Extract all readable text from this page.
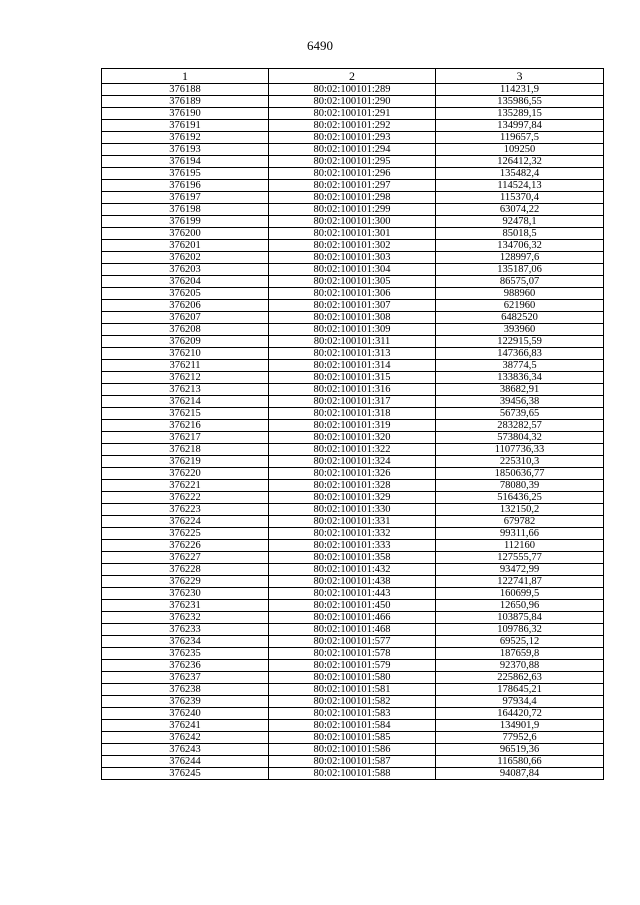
6490
1	2	3
376188	80:02:100101:289	114231,9
376189	80:02:100101:290	135986,55
376190	80:02:100101:291	135289,15
376191	80:02:100101:292	134997,84
376192	80:02:100101:293	119657,5
376193	80:02:100101:294	109250
376194	80:02:100101:295	126412,32
376195	80:02:100101:296	135482,4
376196	80:02:100101:297	114524,13
376197	80:02:100101:298	115370,4
376198	80:02:100101:299	63074,22
376199	80:02:100101:300	92478,1
376200	80:02:100101:301	85018,5
376201	80:02:100101:302	134706,32
376202	80:02:100101:303	128997,6
376203	80:02:100101:304	135187,06
376204	80:02:100101:305	86575,07
376205	80:02:100101:306	988960
376206	80:02:100101:307	621960
376207	80:02:100101:308	6482520
376208	80:02:100101:309	393960
376209	80:02:100101:311	122915,59
376210	80:02:100101:313	147366,83
376211	80:02:100101:314	38774,5
376212	80:02:100101:315	133836,34
376213	80:02:100101:316	38682,91
376214	80:02:100101:317	39456,38
376215	80:02:100101:318	56739,65
376216	80:02:100101:319	283282,57
376217	80:02:100101:320	573804,32
376218	80:02:100101:322	1107736,33
376219	80:02:100101:324	225310,3
376220	80:02:100101:326	1850636,77
376221	80:02:100101:328	78080,39
376222	80:02:100101:329	516436,25
376223	80:02:100101:330	132150,2
376224	80:02:100101:331	679782
376225	80:02:100101:332	99311,66
376226	80:02:100101:333	112160
376227	80:02:100101:358	127555,77
376228	80:02:100101:432	93472,99
376229	80:02:100101:438	122741,87
376230	80:02:100101:443	160699,5
376231	80:02:100101:450	12650,96
376232	80:02:100101:466	103875,84
376233	80:02:100101:468	109786,32
376234	80:02:100101:577	69525,12
376235	80:02:100101:578	187659,8
376236	80:02:100101:579	92370,88
376237	80:02:100101:580	225862,63
376238	80:02:100101:581	178645,21
376239	80:02:100101:582	97934,4
376240	80:02:100101:583	164420,72
376241	80:02:100101:584	134901,9
376242	80:02:100101:585	77952,6
376243	80:02:100101:586	96519,36
376244	80:02:100101:587	116580,66
376245	80:02:100101:588	94087,84
